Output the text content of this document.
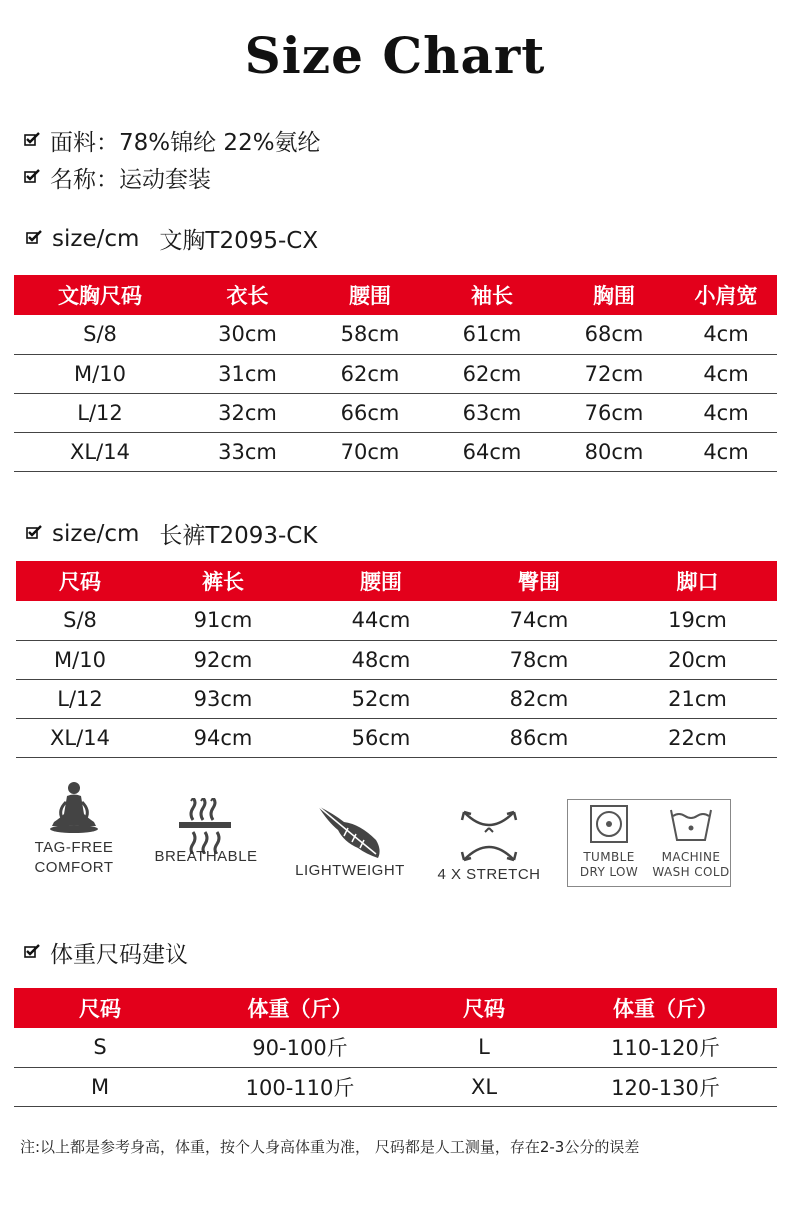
Size Chart
面料：78%锦纶 22%氨纶
名称：运动套装
size/cm 文胸T2095-CX
文胸尺码	衣长	腰围	袖长	胸围	小肩宽
S/8	30cm	58cm	61cm	68cm	4cm
M/10	31cm	62cm	62cm	72cm	4cm
L/12	32cm	66cm	63cm	76cm	4cm
XL/14	33cm	70cm	64cm	80cm	4cm
size/cm 长裤T2093-CK
尺码	裤长	腰围	臀围	脚口
S/8	91cm	44cm	74cm	19cm
M/10	92cm	48cm	78cm	20cm
L/12	93cm	52cm	82cm	21cm
XL/14	94cm	56cm	86cm	22cm
TAG-FREE
COMFORT
BREATHABLE
LIGHTWEIGHT	4 X STRETCH
TUMBLE
DRY LOW
MACHINE
WASH COLD
体重尺码建议
尺码	体重（斤）	尺码	体重（斤）
S	90-100斤	L	110-120斤
M	100-110斤	XL	120-130斤
注:以上都是参考身高，体重，按个人身高体重为准， 尺码都是人工测量，存在2-3公分的误差
